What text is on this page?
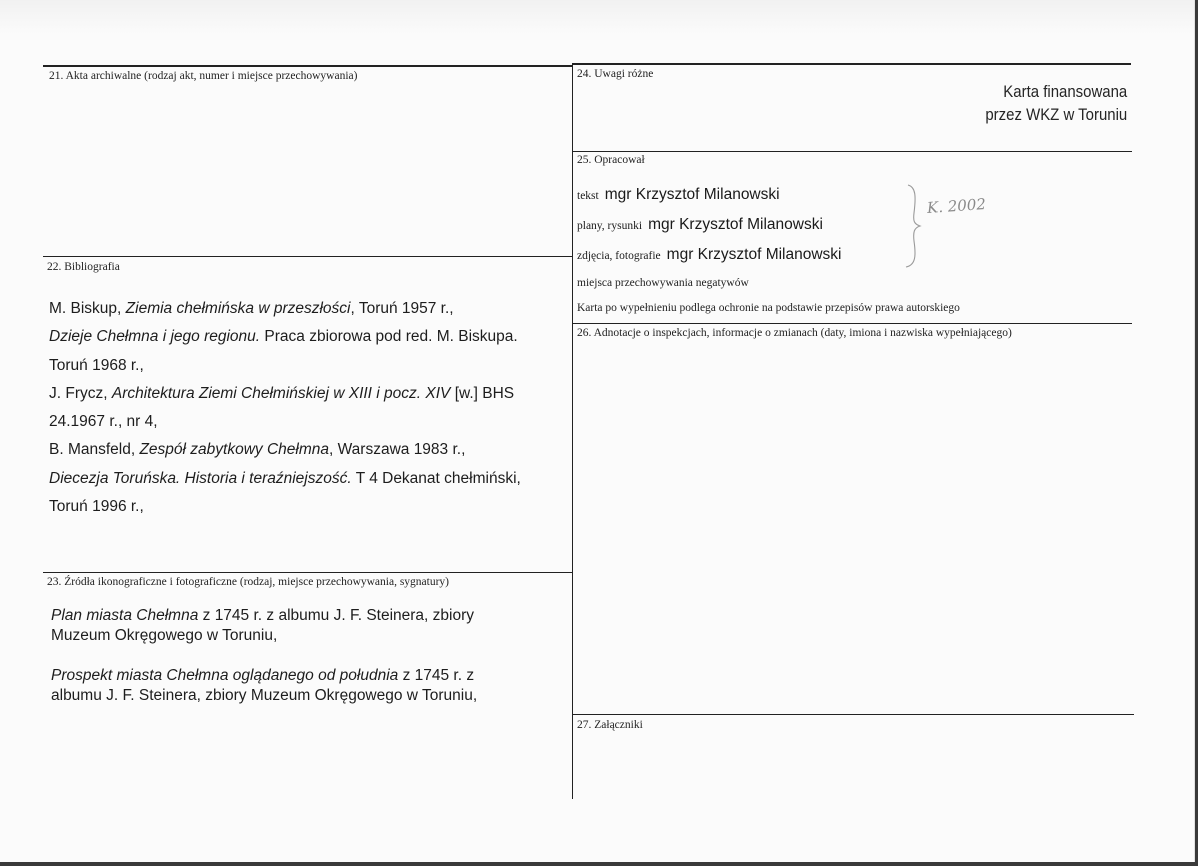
21. Akta archiwalne (rodzaj akt, numer i miejsce przechowywania)
22. Bibliografia
23. Źródła ikonograficzne i fotograficzne (rodzaj, miejsce przechowywania, sygnatury)
24. Uwagi różne
25. Opracował
26. Adnotacje o inspekcjach, informacje o zmianach (daty, imiona i nazwiska wypełniającego)
27. Załączniki
Karta finansowana
przez WKZ w Toruniu
tekst mgr Krzysztof Milanowski
plany, rysunki mgr Krzysztof Milanowski
zdjęcia, fotografie mgr Krzysztof Milanowski
miejsca przechowywania negatywów
Karta po wypełnieniu podlega ochronie na podstawie przepisów prawa autorskiego
K. 2002
M. Biskup, Ziemia chełmińska w przeszłości, Toruń 1957 r.,
Dzieje Chełmna i jego regionu. Praca zbiorowa pod red. M. Biskupa.
Toruń 1968 r.,
J. Frycz, Architektura Ziemi Chełmińskiej w XIII i pocz. XIV [w.] BHS
24.1967 r., nr 4,
B. Mansfeld, Zespół zabytkowy Chełmna, Warszawa 1983 r.,
Diecezja Toruńska. Historia i teraźniejszość. T 4 Dekanat chełmiński,
Toruń 1996 r.,
Plan miasta Chełmna z 1745 r. z albumu J. F. Steinera, zbiory
Muzeum Okręgowego w Toruniu,
Prospekt miasta Chełmna oglądanego od południa z 1745 r. z
albumu J. F. Steinera, zbiory Muzeum Okręgowego w Toruniu,
